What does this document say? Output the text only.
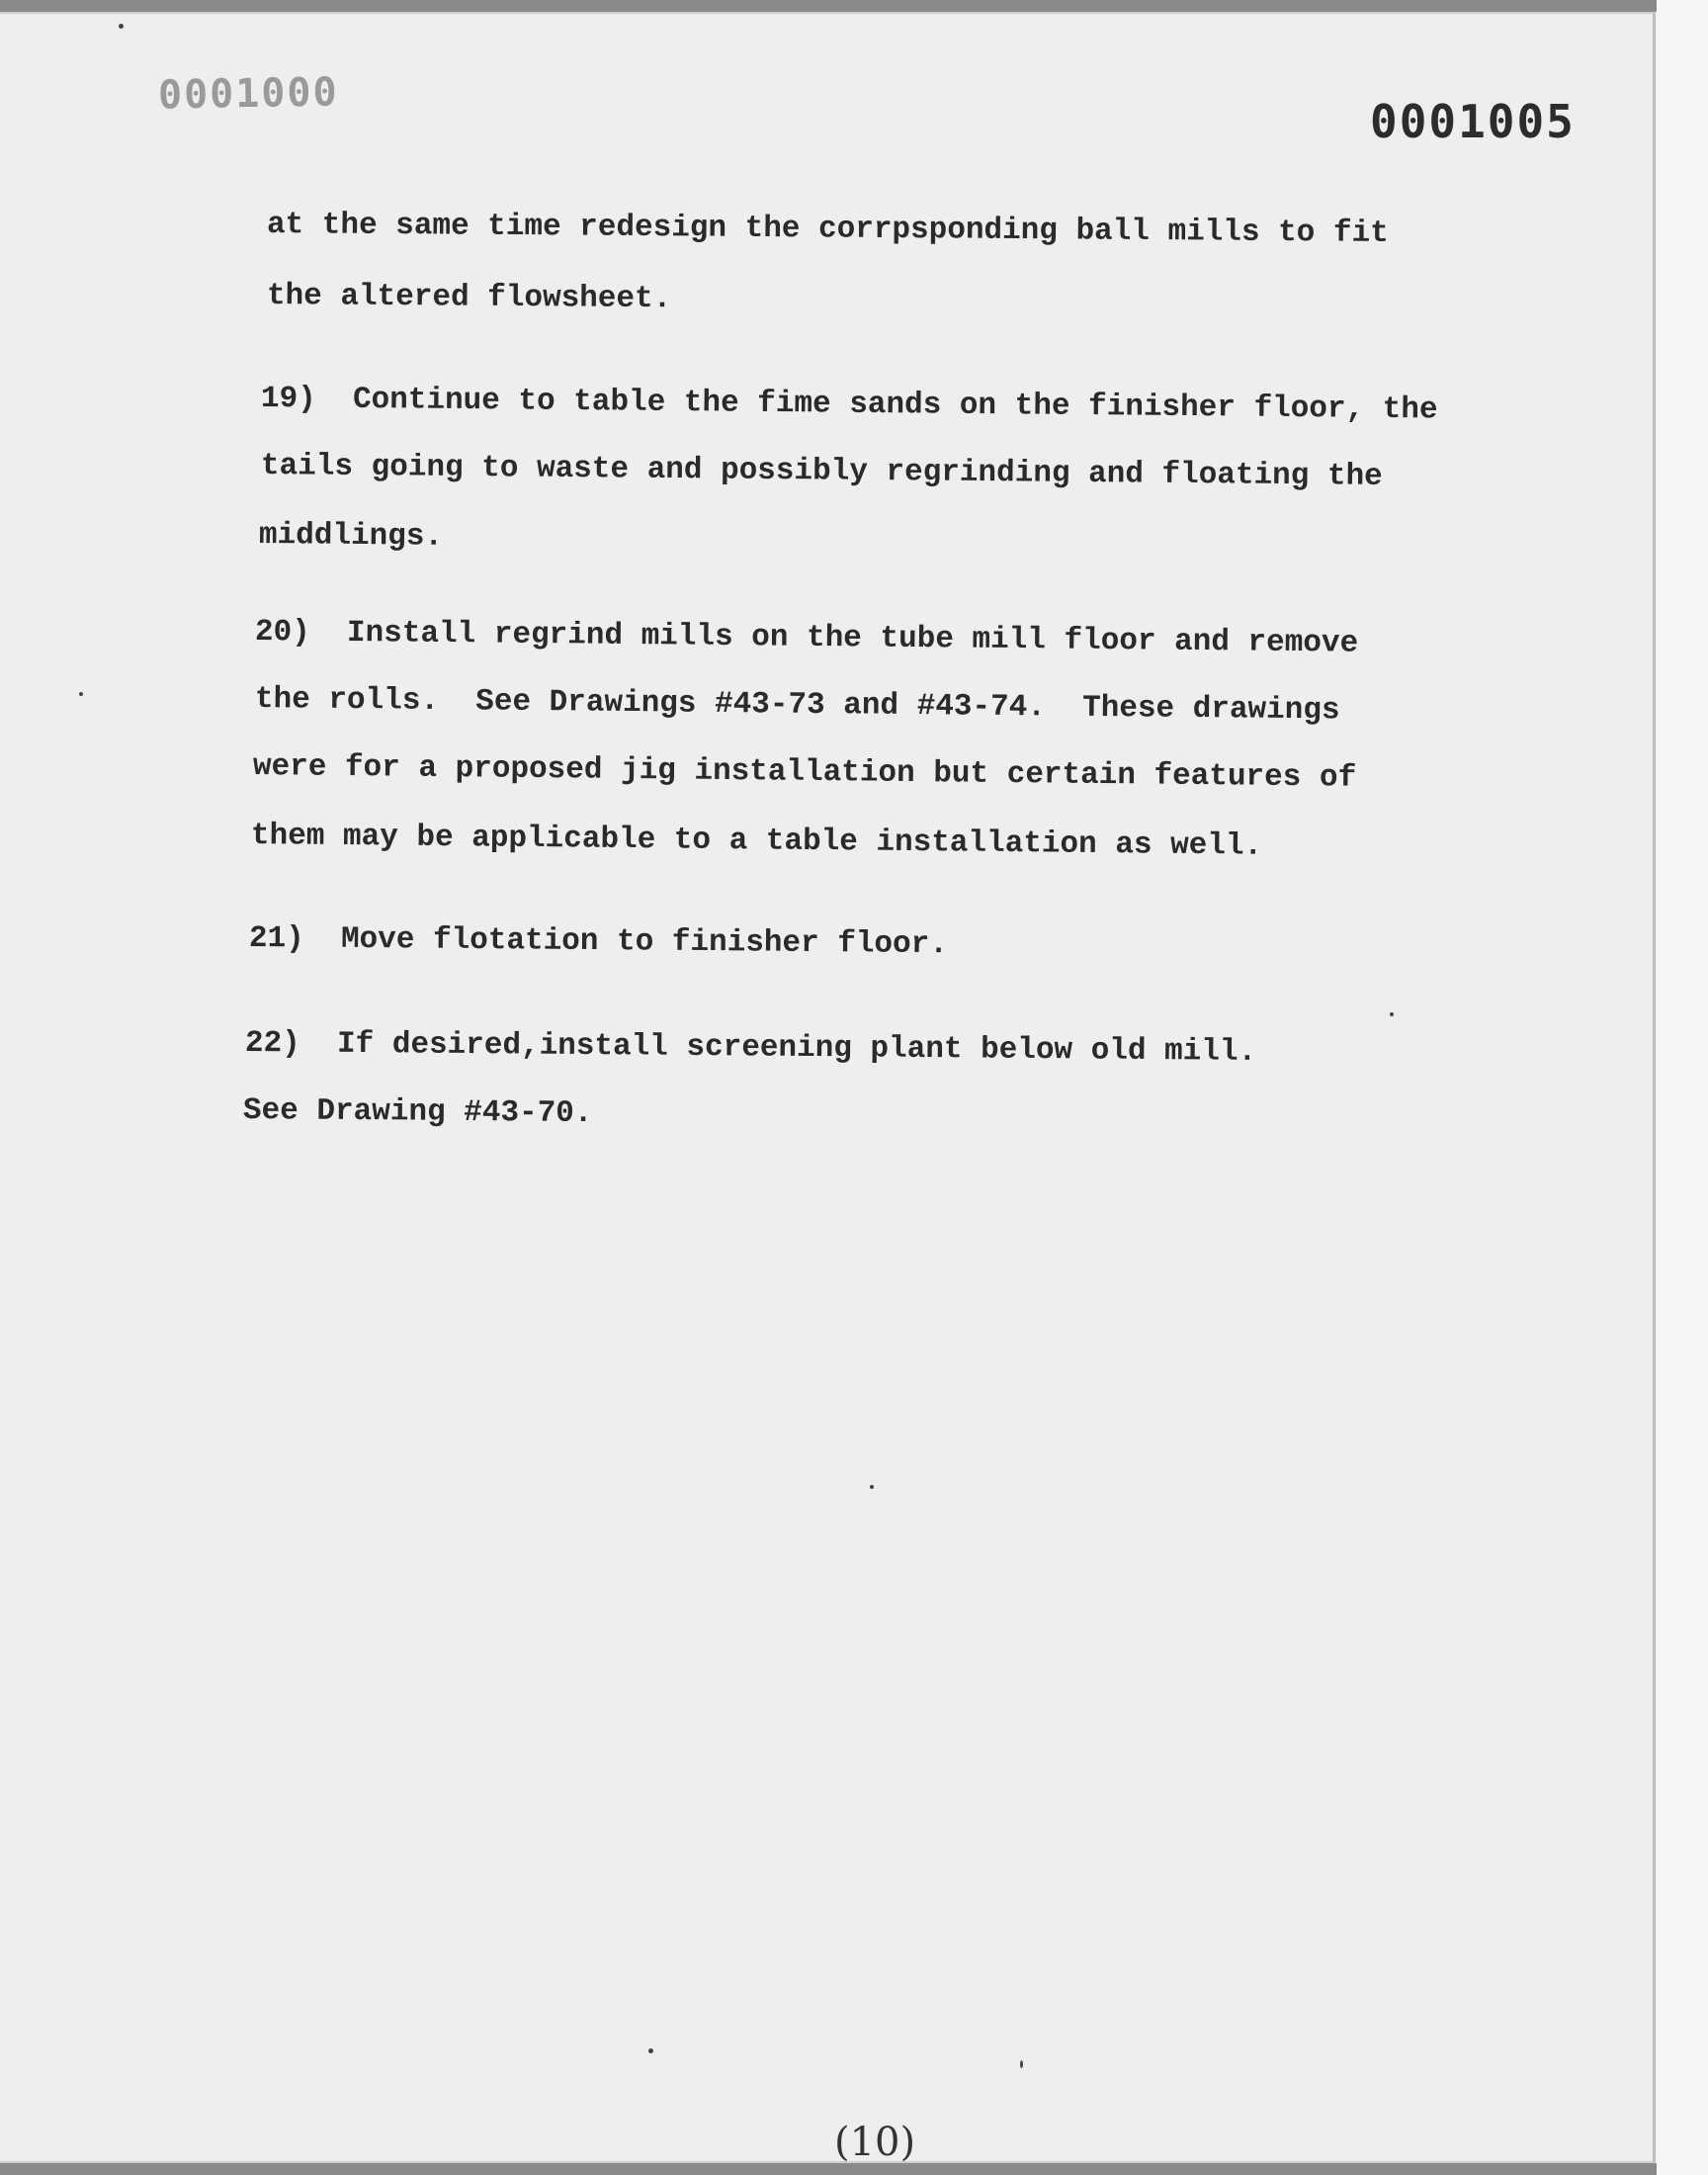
0001000
0001005
at the same time redesign the corrpsponding ball mills to fit
the altered flowsheet.
19)  Continue to table the fime sands on the finisher floor, the
tails going to waste and possibly regrinding and floating the
middlings.
20)  Install regrind mills on the tube mill floor and remove
the rolls.  See Drawings #43-73 and #43-74.  These drawings
were for a proposed jig installation but certain features of
them may be applicable to a table installation as well.
21)  Move flotation to finisher floor.
22)  If desired,install screening plant below old mill.
See Drawing #43-70.
(10)
